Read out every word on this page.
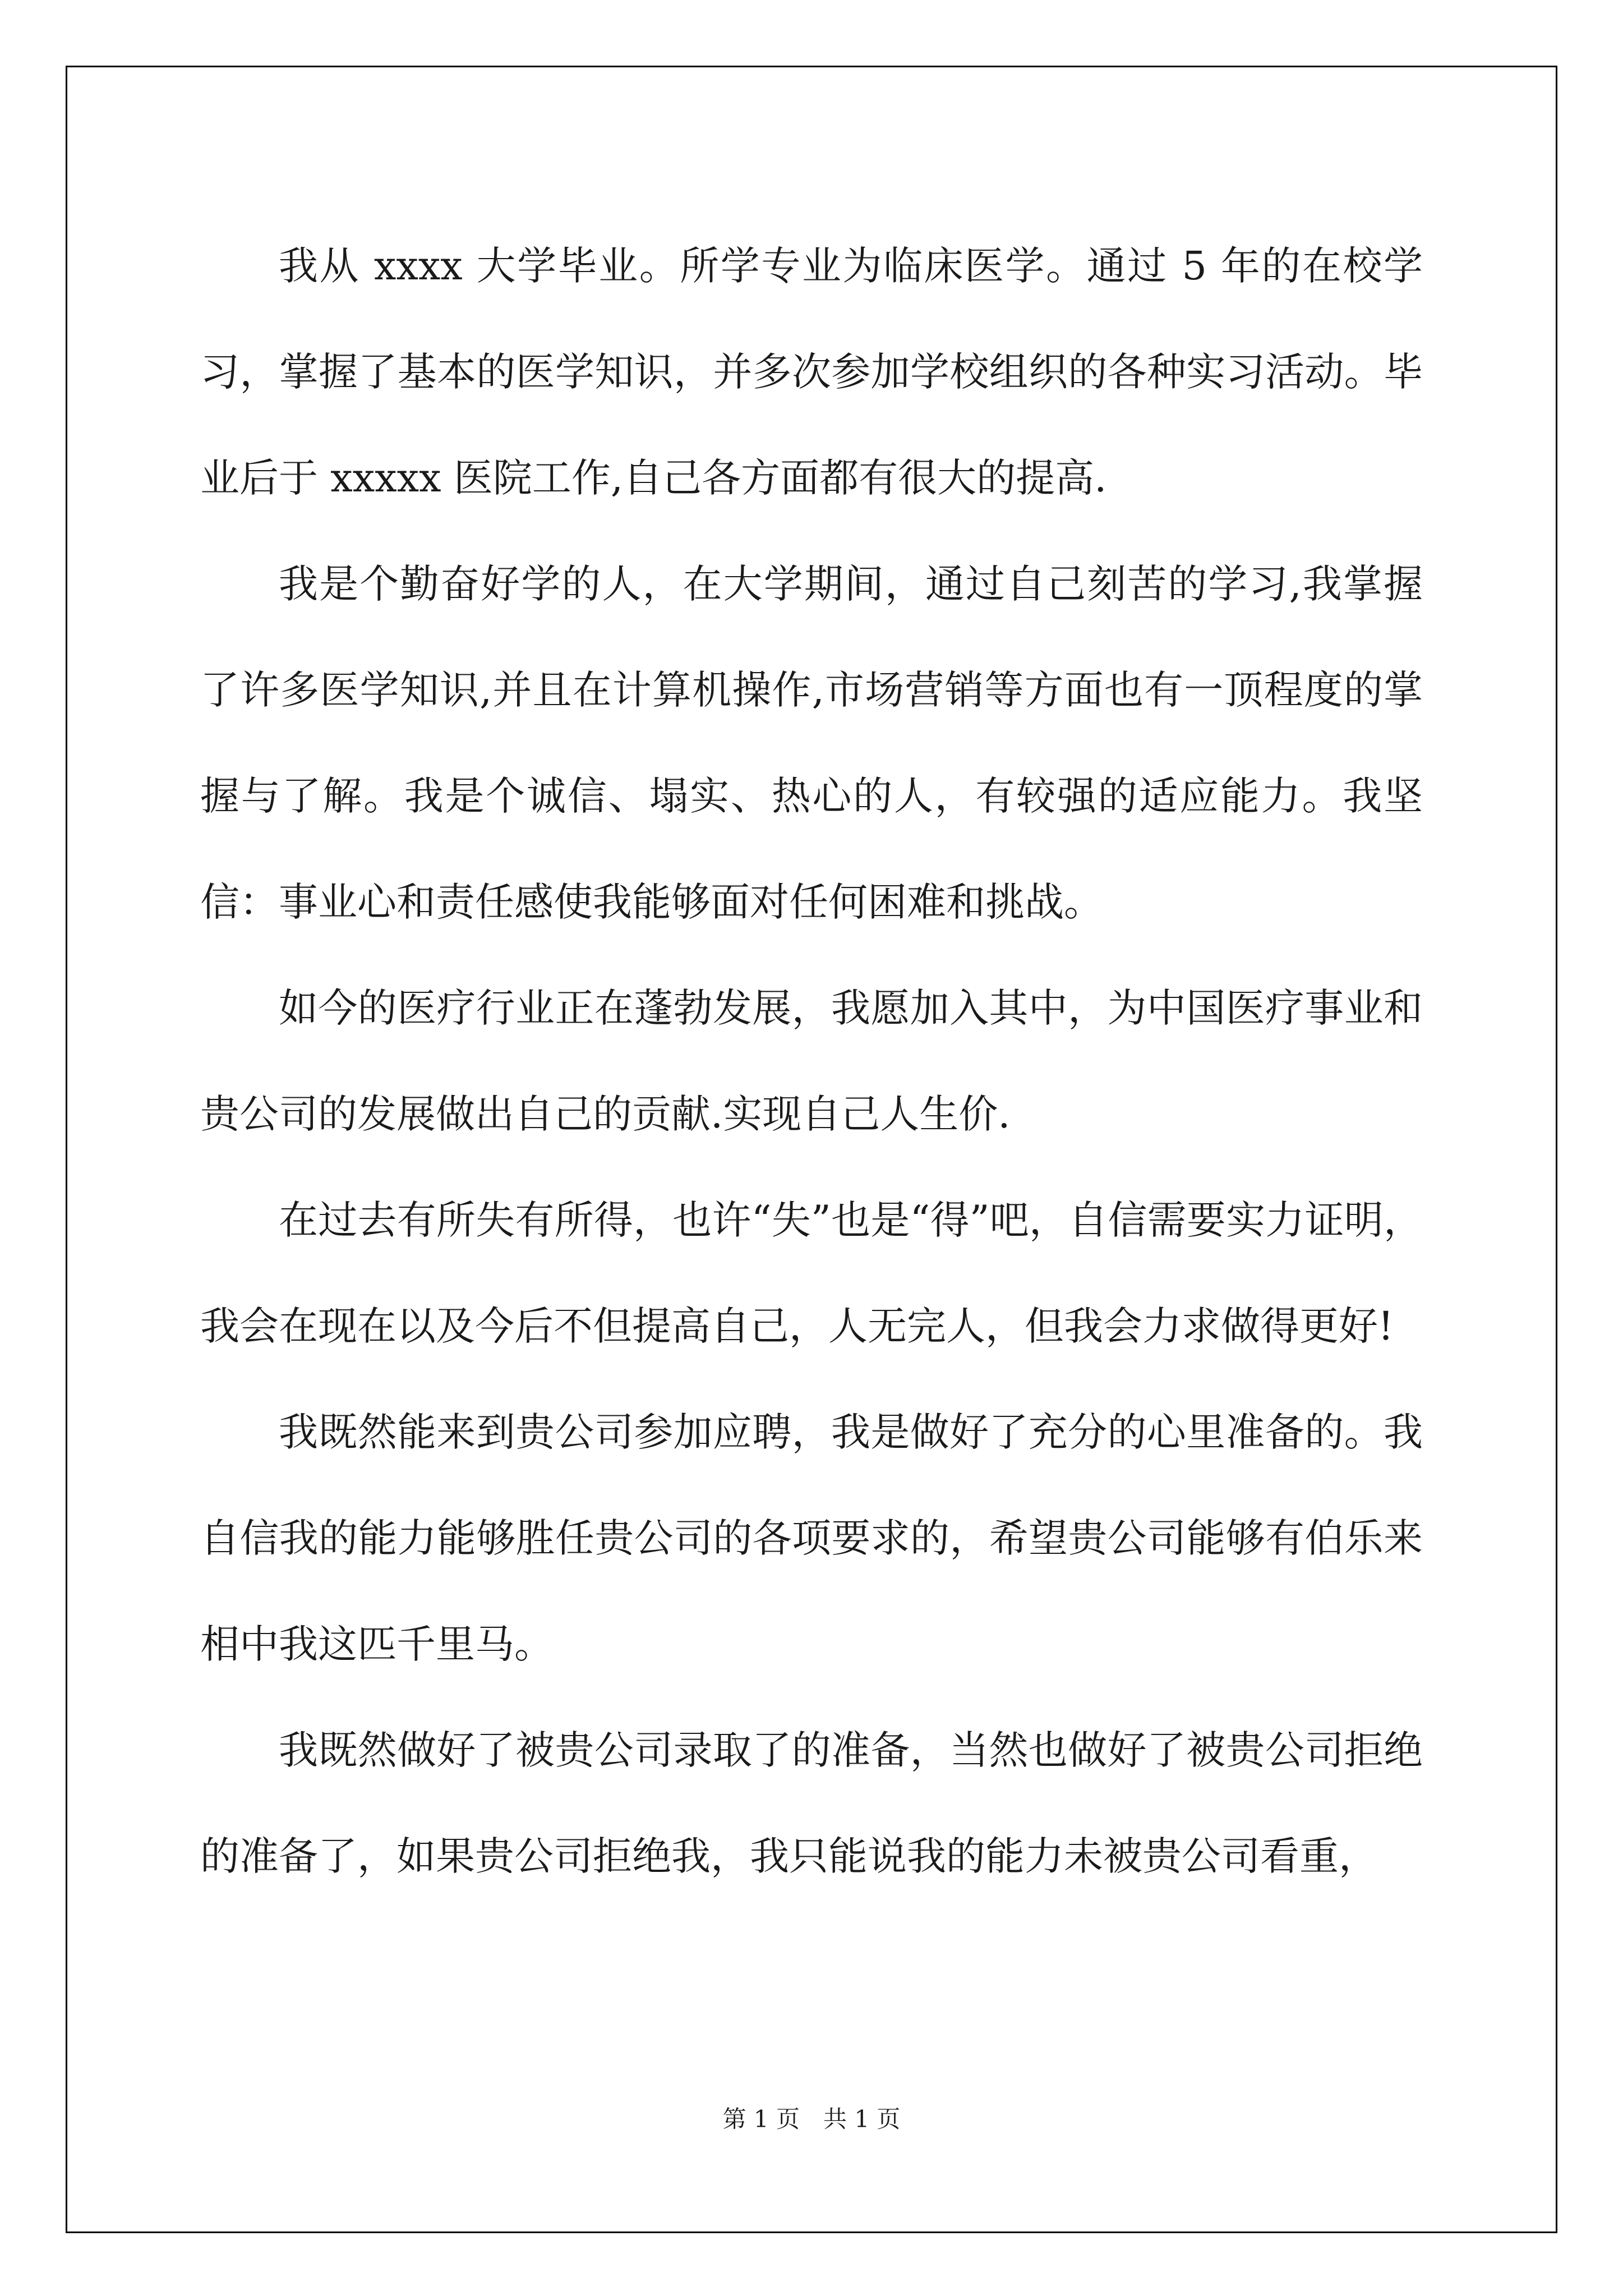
我从 xxxx 大学毕业。所学专业为临床医学。通过 5 年的在校学习，掌握了基本的医学知识，并多次参加学校组织的各种实习活动。毕业后于 xxxxx 医院工作,自己各方面都有很大的提高.

我是个勤奋好学的人，在大学期间，通过自己刻苦的学习,我掌握了许多医学知识,并且在计算机操作,市场营销等方面也有一顶程度的掌握与了解。我是个诚信、塌实、热心的人，有较强的适应能力。我坚信：事业心和责任感使我能够面对任何困难和挑战。

如今的医疗行业正在蓬勃发展，我愿加入其中，为中国医疗事业和贵公司的发展做出自己的贡献.实现自己人生价.

在过去有所失有所得，也许“失”也是“得”吧，自信需要实力证明，我会在现在以及今后不但提高自己，人无完人，但我会力求做得更好!

我既然能来到贵公司参加应聘，我是做好了充分的心里准备的。我自信我的能力能够胜任贵公司的各项要求的，希望贵公司能够有伯乐来相中我这匹千里马。

我既然做好了被贵公司录取了的准备，当然也做好了被贵公司拒绝的准备了，如果贵公司拒绝我，我只能说我的能力未被贵公司看重，

第 1 页　共 1 页
